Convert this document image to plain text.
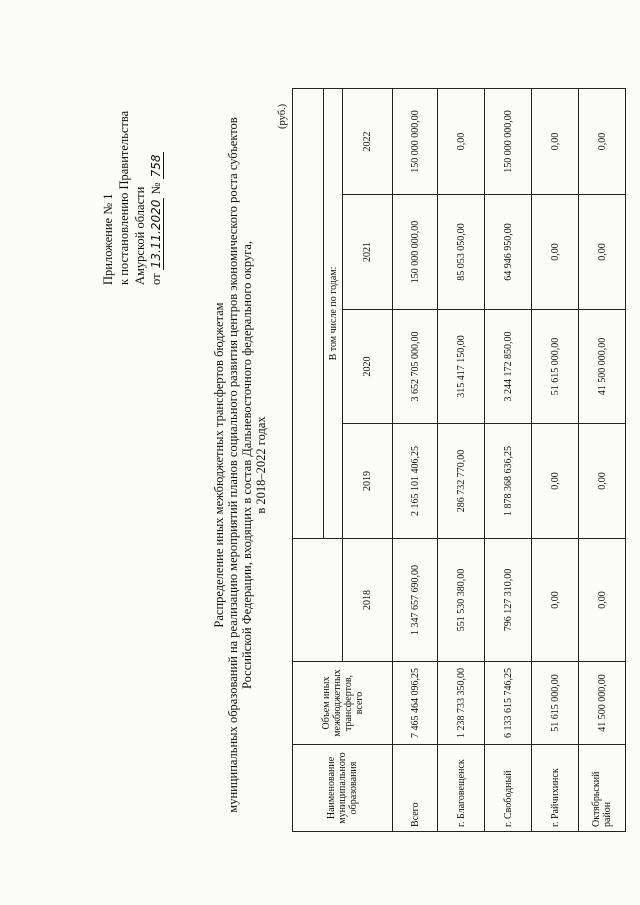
Приложение № 1 к постановлению Правительства Амурской области от 13.11.2020 № 758
Распределение иных межбюджетных трансфертов бюджетам муниципальных образований на реализацию мероприятий планов социального развития центров экономического роста субъектов Российской Федерации, входящих в состав Дальневосточного федерального округа, в 2018–2022 годах
(руб.)
Наименование муниципального образования	Объем иных межбюджетных трансфертов, всего					
			В том числе по годам:			
		2018	2019	2020	2021	2022
Всего	7 465 464 096,25	1 347 657 690,00	2 165 101 406,25	3 652 705 000,00	150 000 000,00	150 000 000,00
г. Благовещенск	1 238 733 350,00	551 530 380,00	286 732 770,00	315 417 150,00	85 053 050,00	0,00
г. Свободный	6 133 615 746,25	796 127 310,00	1 878 368 636,25	3 244 172 850,00	64 946 950,00	150 000 000,00
г. Райчихинск	51 615 000,00	0,00	0,00	51 615 000,00	0,00	0,00
Октябрьский район	41 500 000,00	0,00	0,00	41 500 000,00	0,00	0,00
